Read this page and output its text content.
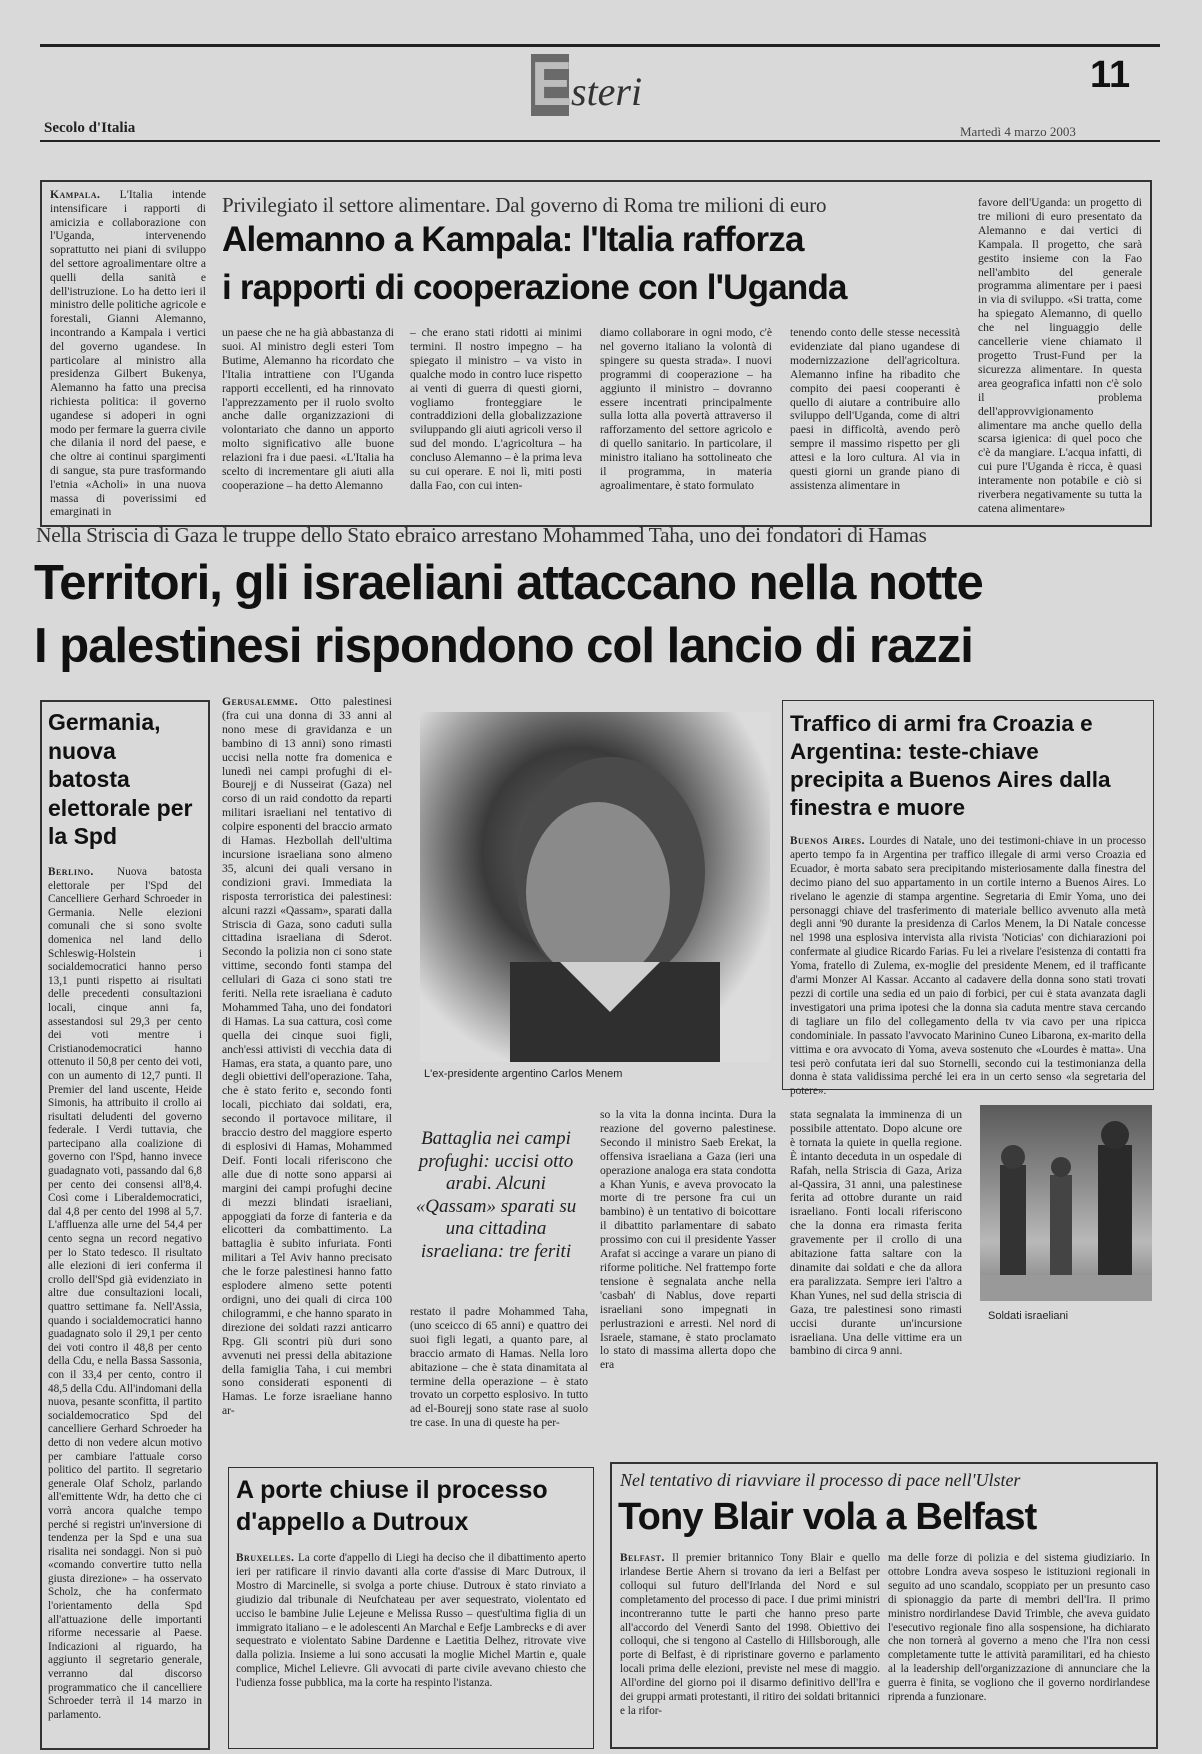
E
steri	11
Secolo d'Italia	Martedì 4 marzo 2003
Kampala. L'Italia intende intensificare i rapporti di amicizia e collaborazione con l'Uganda, intervenendo soprattutto nei piani di sviluppo del settore agroalimentare oltre a quelli della sanità e dell'istruzione. Lo ha detto ieri il ministro delle politiche agricole e forestali, Gianni Alemanno, incontrando a Kampala i vertici del governo ugandese. In particolare al ministro alla presidenza Gilbert Bukenya, Alemanno ha fatto una precisa richiesta politica: il governo ugandese si adoperi in ogni modo per fermare la guerra civile che dilania il nord del paese, e che oltre ai continui spargimenti di sangue, sta pure trasformando l'etnia «Acholi» in una nuova massa di poverissimi ed emarginati in
Privilegiato il settore alimentare. Dal governo di Roma tre milioni di euro
Alemanno a Kampala: l'Italia rafforza
i rapporti di cooperazione con l'Uganda
un paese che ne ha già abbastanza di suoi. Al ministro degli esteri Tom Butime, Alemanno ha ricordato che l'Italia intrattiene con l'Uganda rapporti eccellenti, ed ha rinnovato l'apprezzamento per il ruolo svolto anche dalle organizzazioni di volontariato che danno un apporto molto significativo alle buone relazioni fra i due paesi. «L'Italia ha scelto di incrementare gli aiuti alla cooperazione – ha detto Alemanno
– che erano stati ridotti ai minimi termini. Il nostro impegno – ha spiegato il ministro – va visto in qualche modo in contro luce rispetto ai venti di guerra di questi giorni, vogliamo fronteggiare le contraddizioni della globalizzazione sviluppando gli aiuti agricoli verso il sud del mondo. L'agricoltura – ha concluso Alemanno – è la prima leva su cui operare. E noi lì, miti posti dalla Fao, con cui inten-
diamo collaborare in ogni modo, c'è nel governo italiano la volontà di spingere su questa strada». I nuovi programmi di cooperazione – ha aggiunto il ministro – dovranno essere incentrati principalmente sulla lotta alla povertà attraverso il rafforzamento del settore agricolo e di quello sanitario. In particolare, il ministro italiano ha sottolineato che il programma, in materia agroalimentare, è stato formulato
tenendo conto delle stesse necessità evidenziate dal piano ugandese di modernizzazione dell'agricoltura. Alemanno infine ha ribadito che compito dei paesi cooperanti è quello di aiutare a contribuire allo sviluppo dell'Uganda, come di altri paesi in difficoltà, avendo però sempre il massimo rispetto per gli attesi e la loro cultura. Al via in questi giorni un grande piano di assistenza alimentare in
favore dell'Uganda: un progetto di tre milioni di euro presentato da Alemanno e dai vertici di Kampala. Il progetto, che sarà gestito insieme con la Fao nell'ambito del generale programma alimentare per i paesi in via di sviluppo. «Si tratta, come ha spiegato Alemanno, di quello che nel linguaggio delle cancellerie viene chiamato il progetto Trust-Fund per la sicurezza alimentare. In questa area geografica infatti non c'è solo il problema dell'approvvigionamento alimentare ma anche quello della scarsa igienica: di quel poco che c'è da mangiare. L'acqua infatti, di cui pure l'Uganda è ricca, è quasi interamente non potabile e ciò si riverbera negativamente su tutta la catena alimentare»
Nella Striscia di Gaza le truppe dello Stato ebraico arrestano Mohammed Taha, uno dei fondatori di Hamas
Territori, gli israeliani attaccano nella notte
I palestinesi rispondono col lancio di razzi
Germania, nuova batosta elettorale per la Spd
Berlino. Nuova batosta elettorale per l'Spd del Cancelliere Gerhard Schroeder in Germania. Nelle elezioni comunali che si sono svolte domenica nel land dello Schleswig-Holstein i socialdemocratici hanno perso 13,1 punti rispetto ai risultati delle precedenti consultazioni locali, cinque anni fa, assestandosi sul 29,3 per cento dei voti mentre i Cristianodemocratici hanno ottenuto il 50,8 per cento dei voti, con un aumento di 12,7 punti. Il Premier del land uscente, Heide Simonis, ha attribuito il crollo ai risultati deludenti del governo federale. I Verdi tuttavia, che partecipano alla coalizione di governo con l'Spd, hanno invece guadagnato voti, passando dal 6,8 per cento dei consensi all'8,4. Così come i Liberaldemocratici, dal 4,8 per cento del 1998 al 5,7. L'affluenza alle urne del 54,4 per cento segna un record negativo per lo Stato tedesco. Il risultato alle elezioni di ieri conferma il crollo dell'Spd già evidenziato in altre due consultazioni locali, quattro settimane fa. Nell'Assia, quando i socialdemocratici hanno guadagnato solo il 29,1 per cento dei voti contro il 48,8 per cento della Cdu, e nella Bassa Sassonia, con il 33,4 per cento, contro il 48,5 della Cdu. All'indomani della nuova, pesante sconfitta, il partito socialdemocratico Spd del cancelliere Gerhard Schroeder ha detto di non vedere alcun motivo per cambiare l'attuale corso politico del partito. Il segretario generale Olaf Scholz, parlando all'emittente Wdr, ha detto che ci vorrà ancora qualche tempo perché si registri un'inversione di tendenza per la Spd e una sua risalita nei sondaggi. Non si può «comando convertire tutto nella giusta direzione» – ha osservato Scholz, che ha confermato l'orientamento della Spd all'attuazione delle importanti riforme necessarie al Paese. Indicazioni al riguardo, ha aggiunto il segretario generale, verranno dal discorso programmatico che il cancelliere Schroeder terrà il 14 marzo in parlamento.
Gerusalemme. Otto palestinesi (fra cui una donna di 33 anni al nono mese di gravidanza e un bambino di 13 anni) sono rimasti uccisi nella notte fra domenica e lunedì nei campi profughi di el-Bourejj e di Nusseirat (Gaza) nel corso di un raid condotto da reparti militari israeliani nel tentativo di colpire esponenti del braccio armato di Hamas. Hezbollah dell'ultima incursione israeliana sono almeno 35, alcuni dei quali versano in condizioni gravi. Immediata la risposta terroristica dei palestinesi: alcuni razzi «Qassam», sparati dalla Striscia di Gaza, sono caduti sulla cittadina israeliana di Sderot. Secondo la polizia non ci sono state vittime, secondo fonti stampa del cellulari di Gaza ci sono stati tre feriti. Nella rete israeliana è caduto Mohammed Taha, uno dei fondatori di Hamas. La sua cattura, così come quella dei cinque suoi figli, anch'essi attivisti di vecchia data di Hamas, era stata, a quanto pare, uno degli obiettivi dell'operazione. Taha, che è stato ferito e, secondo fonti locali, picchiato dai soldati, era, secondo il portavoce militare, il braccio destro del maggiore esperto di esplosivi di Hamas, Mohammed Deif. Fonti locali riferiscono che alle due di notte sono apparsi ai margini dei campi profughi decine di mezzi blindati israeliani, appoggiati da forze di fanteria e da elicotteri da combattimento. La battaglia è subito infuriata. Fonti militari a Tel Aviv hanno precisato che le forze palestinesi hanno fatto esplodere almeno sette potenti ordigni, uno dei quali di circa 100 chilogrammi, e che hanno sparato in direzione dei soldati razzi anticarro Rpg. Gli scontri più duri sono avvenuti nei pressi della abitazione della famiglia Taha, i cui membri sono considerati esponenti di Hamas. Le forze israeliane hanno ar-
L'ex-presidente argentino Carlos Menem
Traffico di armi fra Croazia e Argentina: teste-chiave precipita a Buenos Aires dalla finestra e muore
Buenos Aires. Lourdes di Natale, uno dei testimoni-chiave in un processo aperto tempo fa in Argentina per traffico illegale di armi verso Croazia ed Ecuador, è morta sabato sera precipitando misteriosamente dalla finestra del decimo piano del suo appartamento in un cortile interno a Buenos Aires. Lo rivelano le agenzie di stampa argentine. Segretaria di Emir Yoma, uno dei personaggi chiave del trasferimento di materiale bellico avvenuto alla metà degli anni '90 durante la presidenza di Carlos Menem, la Di Natale concesse nel 1998 una esplosiva intervista alla rivista 'Noticias' con dichiarazioni poi confermate al giudice Ricardo Farias. Fu lei a rivelare l'esistenza di contatti fra Yoma, fratello di Zulema, ex-moglie del presidente Menem, ed il trafficante d'armi Monzer Al Kassar. Accanto al cadavere della donna sono stati trovati pezzi di cortile una sedia ed un paio di forbici, per cui è stata avanzata dagli investigatori una prima ipotesi che la donna sia caduta mentre stava cercando di tagliare un filo del collegamento della tv via cavo per una ripicca condominiale. In passato l'avvocato Marinino Cuneo Libarona, ex-marito della vittima e ora avvocato di Yoma, aveva sostenuto che «Lourdes è matta». Una tesi però confutata ieri dal suo Stornelli, secondo cui la testimonianza della donna è stata validissima perché lei era in un certo senso «la segretaria del potere».
Battaglia nei campi profughi: uccisi otto arabi. Alcuni «Qassam» sparati su una cittadina israeliana: tre feriti
restato il padre Mohammed Taha, (uno sceicco di 65 anni) e quattro dei suoi figli legati, a quanto pare, al braccio armato di Hamas. Nella loro abitazione – che è stata dinamitata al termine della operazione – è stato trovato un corpetto esplosivo. In tutto ad el-Bourejj sono state rase al suolo tre case. In una di queste ha per-
so la vita la donna incinta. Dura la reazione del governo palestinese. Secondo il ministro Saeb Erekat, la offensiva israeliana a Gaza (ieri una operazione analoga era stata condotta a Khan Yunis, e aveva provocato la morte di tre persone fra cui un bambino) è un tentativo di boicottare il dibattito parlamentare di sabato prossimo con cui il presidente Yasser Arafat si accinge a varare un piano di riforme politiche. Nel frattempo forte tensione è segnalata anche nella 'casbah' di Nablus, dove reparti israeliani sono impegnati in perlustrazioni e arresti. Nel nord di Israele, stamane, è stato proclamato lo stato di massima allerta dopo che era
stata segnalata la imminenza di un possibile attentato. Dopo alcune ore è tornata la quiete in quella regione. È intanto deceduta in un ospedale di Rafah, nella Striscia di Gaza, Ariza al-Qassira, 31 anni, una palestinese ferita ad ottobre durante un raid israeliano. Fonti locali riferiscono che la donna era rimasta ferita gravemente per il crollo di una abitazione fatta saltare con la dinamite dai soldati e che da allora era paralizzata. Sempre ieri l'altro a Khan Yunes, nel sud della striscia di Gaza, tre palestinesi sono rimasti uccisi durante un'incursione israeliana. Una delle vittime era un bambino di circa 9 anni.
Soldati israeliani
A porte chiuse il processo d'appello a Dutroux
Bruxelles. La corte d'appello di Liegi ha deciso che il dibattimento aperto ieri per ratificare il rinvio davanti alla corte d'assise di Marc Dutroux, il Mostro di Marcinelle, si svolga a porte chiuse. Dutroux è stato rinviato a giudizio dal tribunale di Neufchateau per aver sequestrato, violentato ed ucciso le bambine Julie Lejeune e Melissa Russo – quest'ultima figlia di un immigrato italiano – e le adolescenti An Marchal e Eefje Lambrecks e di aver sequestrato e violentato Sabine Dardenne e Laetitia Delhez, ritrovate vive dalla polizia. Insieme a lui sono accusati la moglie Michel Martin e, quale complice, Michel Lelievre. Gli avvocati di parte civile avevano chiesto che l'udienza fosse pubblica, ma la corte ha respinto l'istanza.
Nel tentativo di riavviare il processo di pace nell'Ulster
Tony Blair vola a Belfast
Belfast. Il premier britannico Tony Blair e quello irlandese Bertie Ahern si trovano da ieri a Belfast per colloqui sul futuro dell'Irlanda del Nord e sul completamento del processo di pace. I due primi ministri incontreranno tutte le parti che hanno preso parte all'accordo del Venerdì Santo del 1998. Obiettivo dei colloqui, che si tengono al Castello di Hillsborough, alle porte di Belfast, è di ripristinare governo e parlamento locali prima delle elezioni, previste nel mese di maggio. All'ordine del giorno poi il disarmo definitivo dell'Ira e dei gruppi armati protestanti, il ritiro dei soldati britannici e la rifor-
ma delle forze di polizia e del sistema giudiziario. In ottobre Londra aveva sospeso le istituzioni regionali in seguito ad uno scandalo, scoppiato per un presunto caso di spionaggio da parte di membri dell'Ira. Il primo ministro nordirlandese David Trimble, che aveva guidato l'esecutivo regionale fino alla sospensione, ha dichiarato che non tornerà al governo a meno che l'Ira non cessi completamente tutte le attività paramilitari, ed ha chiesto al la leadership dell'organizzazione di annunciare che la guerra è finita, se vogliono che il governo nordirlandese riprenda a funzionare.
